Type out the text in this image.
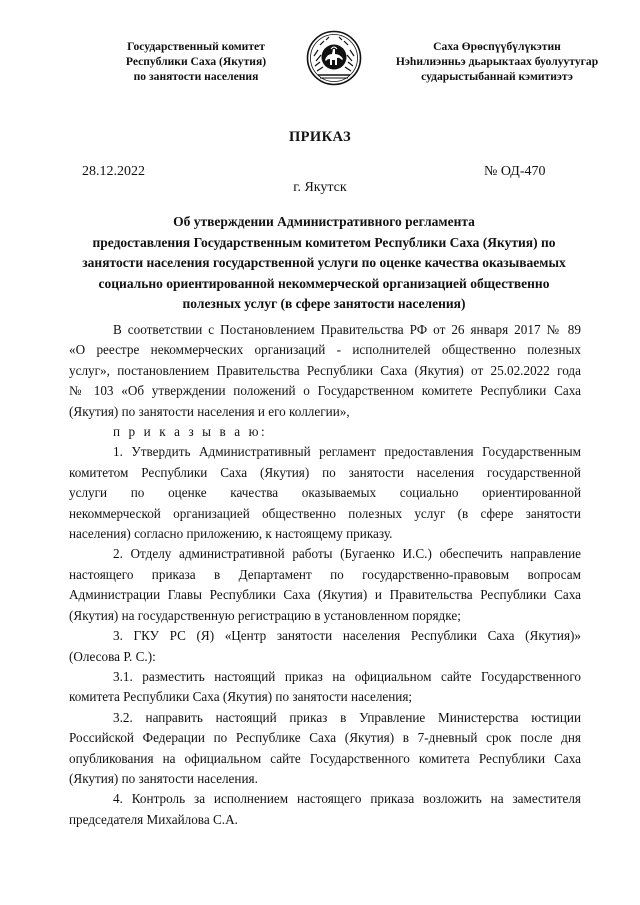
Государственный комитет
Республики Саха (Якутия)
по занятости населения
Саха Өрөспүүбүлүкэтин
Нэһилиэнньэ дьарыктаах буолуутугар
сударыстыбаннай кэмитиэтэ
ПРИКАЗ
28.12.2022	№ ОД-470
г. Якутск
Об утверждении Административного регламента
предоставления Государственным комитетом Республики Саха (Якутия) по
занятости населения государственной услуги по оценке качества оказываемых
социально ориентированной некоммерческой организацией общественно
полезных услуг (в сфере занятости населения)
В соответствии с Постановлением Правительства РФ от 26 января 2017 № 89
«О реестре некоммерческих организаций - исполнителей общественно полезных
услуг», постановлением Правительства Республики Саха (Якутия) от 25.02.2022 года
№ 103 «Об утверждении положений о Государственном комитете Республики Саха
(Якутия) по занятости населения и его коллегии»,
п р и к а з ы в а ю:
1. Утвердить Административный регламент предоставления Государственным
комитетом Республики Саха (Якутия) по занятости населения государственной
услуги по оценке качества оказываемых социально ориентированной
некоммерческой организацией общественно полезных услуг (в сфере занятости
населения) согласно приложению, к настоящему приказу.
2. Отделу административной работы (Бугаенко И.С.) обеспечить направление
настоящего приказа в Департамент по государственно-правовым вопросам
Администрации Главы Республики Саха (Якутия) и Правительства Республики Саха
(Якутия) на государственную регистрацию в установленном порядке;
3. ГКУ РС (Я) «Центр занятости населения Республики Саха (Якутия)»
(Олесова Р. С.):
3.1. разместить настоящий приказ на официальном сайте Государственного
комитета Республики Саха (Якутия) по занятости населения;
3.2. направить настоящий приказ в Управление Министерства юстиции
Российской Федерации по Республике Саха (Якутия) в 7-дневный срок после дня
опубликования на официальном сайте Государственного комитета Республики Саха
(Якутия) по занятости населения.
4. Контроль за исполнением настоящего приказа возложить на заместителя
председателя Михайлова С.А.
